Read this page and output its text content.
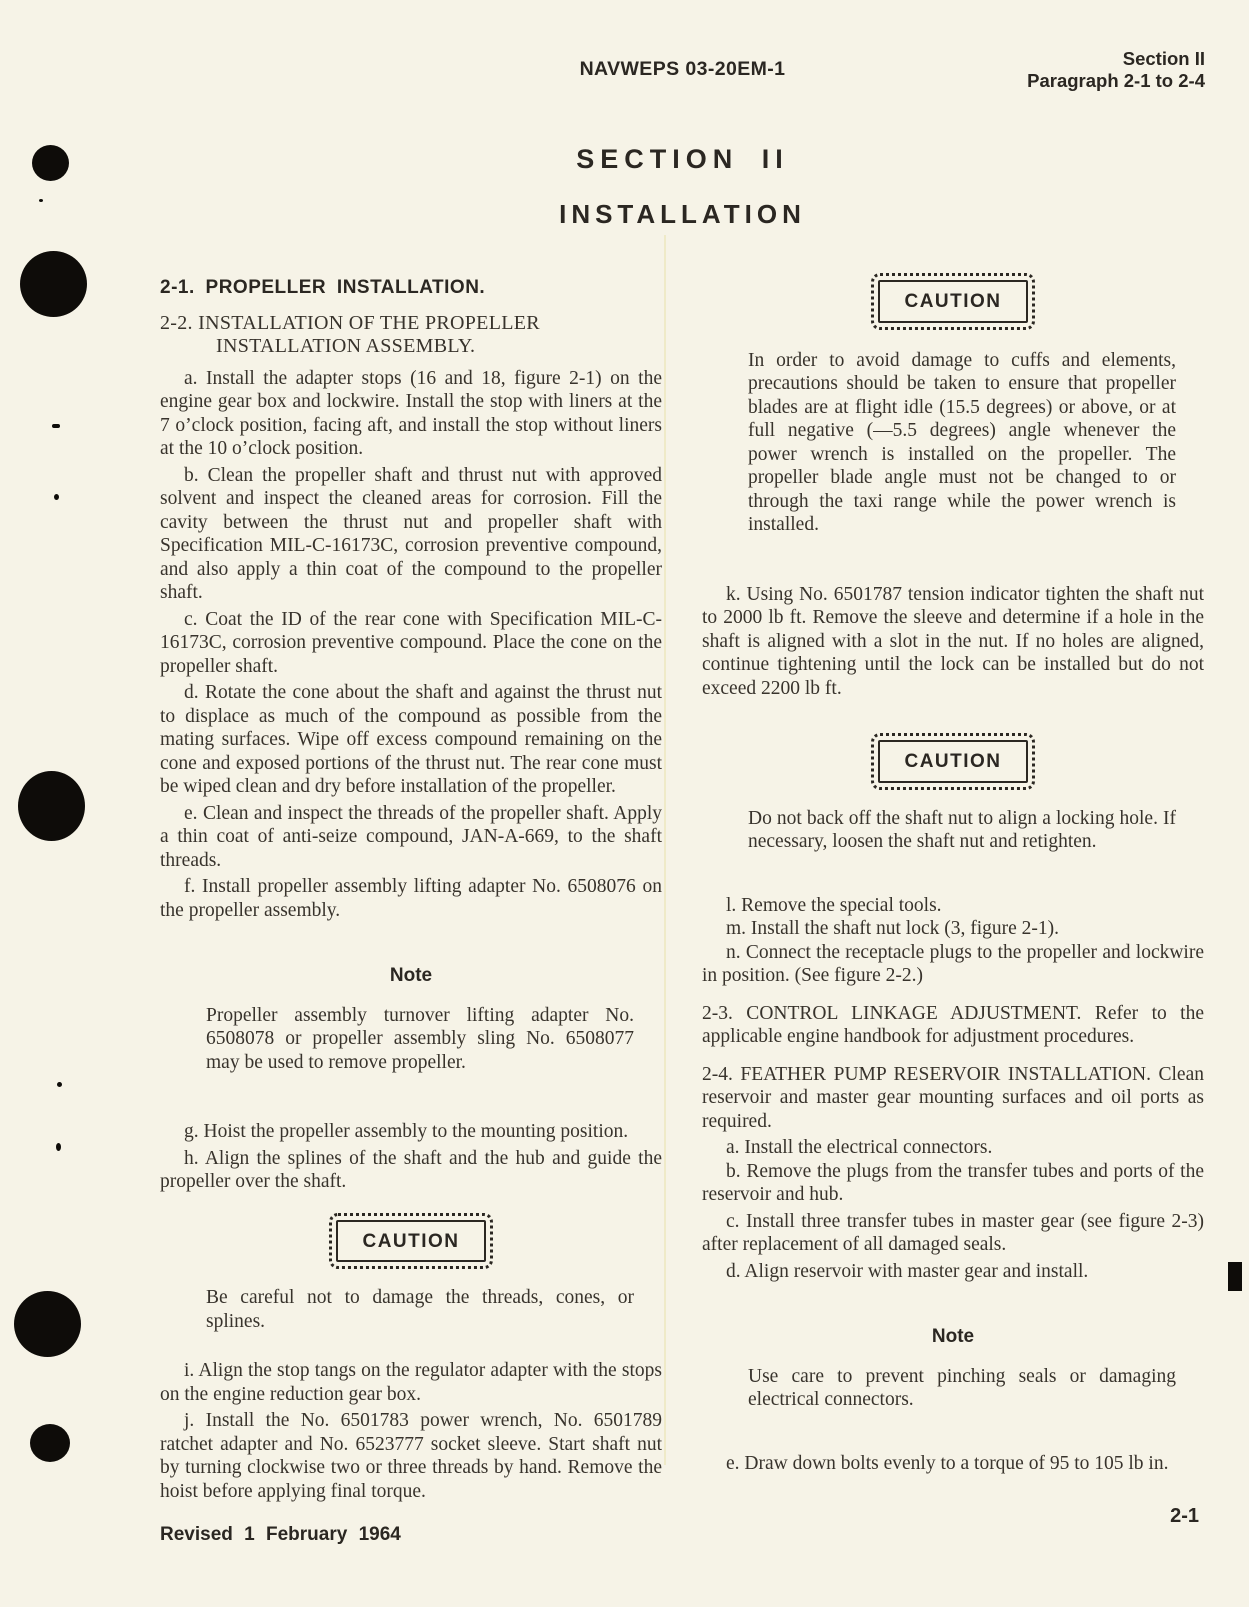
NAVWEPS 03-20EM-1	Section II
Paragraph 2-1 to 2-4
SECTION II
INSTALLATION
2-1. PROPELLER INSTALLATION.
2-2. INSTALLATION OF THE PROPELLER INSTALLATION ASSEMBLY.

a. Install the adapter stops (16 and 18, figure 2-1) on the engine gear box and lockwire. Install the stop with liners at the 7 o’clock position, facing aft, and install the stop without liners at the 10 o’clock position.

b. Clean the propeller shaft and thrust nut with approved solvent and inspect the cleaned areas for corrosion. Fill the cavity between the thrust nut and propeller shaft with Specification MIL-C-16173C, corrosion preventive compound, and also apply a thin coat of the compound to the propeller shaft.

c. Coat the ID of the rear cone with Specification MIL-C-16173C, corrosion preventive compound. Place the cone on the propeller shaft.

d. Rotate the cone about the shaft and against the thrust nut to displace as much of the compound as possible from the mating surfaces. Wipe off excess compound remaining on the cone and exposed portions of the thrust nut. The rear cone must be wiped clean and dry before installation of the propeller.

e. Clean and inspect the threads of the propeller shaft. Apply a thin coat of anti-seize compound, JAN-A-669, to the shaft threads.

f. Install propeller assembly lifting adapter No. 6508076 on the propeller assembly.

Note

Propeller assembly turnover lifting adapter No. 6508078 or propeller assembly sling No. 6508077 may be used to remove propeller.

g. Hoist the propeller assembly to the mounting position.

h. Align the splines of the shaft and the hub and guide the propeller over the shaft.

CAUTION

Be careful not to damage the threads, cones, or splines.

i. Align the stop tangs on the regulator adapter with the stops on the engine reduction gear box.

j. Install the No. 6501783 power wrench, No. 6501789 ratchet adapter and No. 6523777 socket sleeve. Start shaft nut by turning clockwise two or three threads by hand. Remove the hoist before applying final torque.

CAUTION

In order to avoid damage to cuffs and elements, precautions should be taken to ensure that propeller blades are at flight idle (15.5 degrees) or above, or at full negative (—5.5 degrees) angle whenever the power wrench is installed on the propeller. The propeller blade angle must not be changed to or through the taxi range while the power wrench is installed.

k. Using No. 6501787 tension indicator tighten the shaft nut to 2000 lb ft. Remove the sleeve and determine if a hole in the shaft is aligned with a slot in the nut. If no holes are aligned, continue tightening until the lock can be installed but do not exceed 2200 lb ft.

CAUTION

Do not back off the shaft nut to align a locking hole. If necessary, loosen the shaft nut and retighten.

l. Remove the special tools.

m. Install the shaft nut lock (3, figure 2-1).

n. Connect the receptacle plugs to the propeller and lockwire in position. (See figure 2-2.)

2-3. CONTROL LINKAGE ADJUSTMENT. Refer to the applicable engine handbook for adjustment procedures.

2-4. FEATHER PUMP RESERVOIR INSTALLATION. Clean reservoir and master gear mounting surfaces and oil ports as required.

a. Install the electrical connectors.

b. Remove the plugs from the transfer tubes and ports of the reservoir and hub.

c. Install three transfer tubes in master gear (see figure 2-3) after replacement of all damaged seals.

d. Align reservoir with master gear and install.

Note

Use care to prevent pinching seals or damaging electrical connectors.

e. Draw down bolts evenly to a torque of 95 to 105 lb in.

Revised 1 February 1964
2-1
